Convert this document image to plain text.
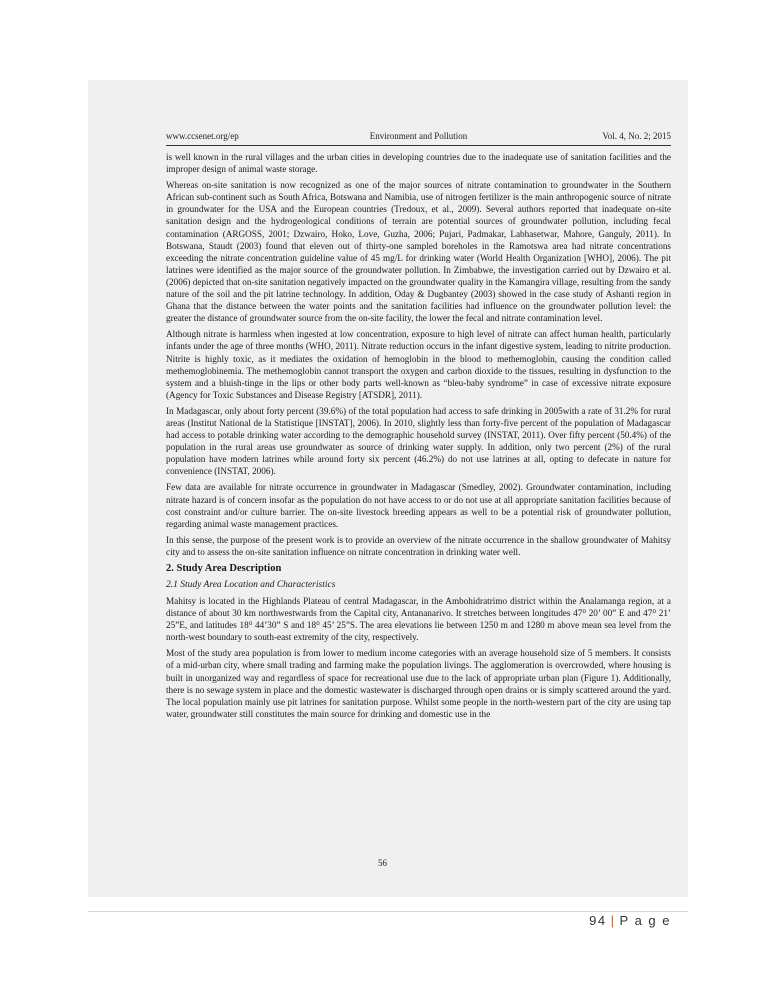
www.ccsenet.org/ep	Environment and Pollution	Vol. 4, No. 2; 2015

is well known in the rural villages and the urban cities in developing countries due to the inadequate use of sanitation facilities and the improper design of animal waste storage.

Whereas on-site sanitation is now recognized as one of the major sources of nitrate contamination to groundwater in the Southern African sub-continent such as South Africa, Botswana and Namibia, use of nitrogen fertilizer is the main anthropogenic source of nitrate in groundwater for the USA and the European countries (Tredoux, et al., 2009). Several authors reported that inadequate on-site sanitation design and the hydrogeological conditions of terrain are potential sources of groundwater pollution, including fecal contamination (ARGOSS, 2001; Dzwairo, Hoko, Love, Guzha, 2006; Pujari, Padmakar, Labhasetwar, Mahore, Ganguly, 2011). In Botswana, Staudt (2003) found that eleven out of thirty-one sampled boreholes in the Ramotswa area had nitrate concentrations exceeding the nitrate concentration guideline value of 45 mg/L for drinking water (World Health Organization [WHO], 2006). The pit latrines were identified as the major source of the groundwater pollution. In Zimbabwe, the investigation carried out by Dzwairo et al. (2006) depicted that on-site sanitation negatively impacted on the groundwater quality in the Kamangira village, resulting from the sandy nature of the soil and the pit latrine technology. In addition, Oday & Dugbantey (2003) showed in the case study of Ashanti region in Ghana that the distance between the water points and the sanitation facilities had influence on the groundwater pollution level: the greater the distance of groundwater source from the on-site facility, the lower the fecal and nitrate contamination level.

Although nitrate is harmless when ingested at low concentration, exposure to high level of nitrate can affect human health, particularly infants under the age of three months (WHO, 2011). Nitrate reduction occurs in the infant digestive system, leading to nitrite production. Nitrite is highly toxic, as it mediates the oxidation of hemoglobin in the blood to methemoglobin, causing the condition called methemoglobinemia. The methemoglobin cannot transport the oxygen and carbon dioxide to the tissues, resulting in dysfunction to the system and a bluish-tinge in the lips or other body parts well-known as “bleu-baby syndrome” in case of excessive nitrate exposure (Agency for Toxic Substances and Disease Registry [ATSDR], 2011).

In Madagascar, only about forty percent (39.6%) of the total population had access to safe drinking in 2005with a rate of 31.2% for rural areas (Institut National de la Statistique [INSTAT], 2006). In 2010, slightly less than forty-five percent of the population of Madagascar had access to potable drinking water according to the demographic household survey (INSTAT, 2011). Over fifty percent (50.4%) of the population in the rural areas use groundwater as source of drinking water supply. In addition, only two percent (2%) of the rural population have modern latrines while around forty six percent (46.2%) do not use latrines at all, opting to defecate in nature for convenience (INSTAT, 2006).

Few data are available for nitrate occurrence in groundwater in Madagascar (Smedley, 2002). Groundwater contamination, including nitrate hazard is of concern insofar as the population do not have access to or do not use at all appropriate sanitation facilities because of cost constraint and/or culture barrier. The on-site livestock breeding appears as well to be a potential risk of groundwater pollution, regarding animal waste management practices.

In this sense, the purpose of the present work is to provide an overview of the nitrate occurrence in the shallow groundwater of Mahitsy city and to assess the on-site sanitation influence on nitrate concentration in drinking water well.

2. Study Area Description
2.1 Study Area Location and Characteristics

Mahitsy is located in the Highlands Plateau of central Madagascar, in the Ambohidratrimo district within the Analamanga region, at a distance of about 30 km northwestwards from the Capital city, Antananarivo. It stretches between longitudes 47⁰ 20’ 00” E and 47⁰ 21’ 25”E, and latitudes 18⁰ 44’30” S and 18⁰ 45’ 25”S. The area elevations lie between 1250 m and 1280 m above mean sea level from the north-west boundary to south-east extremity of the city, respectively.

Most of the study area population is from lower to medium income categories with an average household size of 5 members. It consists of a mid-urban city, where small trading and farming make the population livings. The agglomeration is overcrowded, where housing is built in unorganized way and regardless of space for recreational use due to the lack of appropriate urban plan (Figure 1). Additionally, there is no sewage system in place and the domestic wastewater is discharged through open drains or is simply scattered around the yard. The local population mainly use pit latrines for sanitation purpose. Whilst some people in the north-western part of the city are using tap water, groundwater still constitutes the main source for drinking and domestic use in the

56
94 | P a g e
